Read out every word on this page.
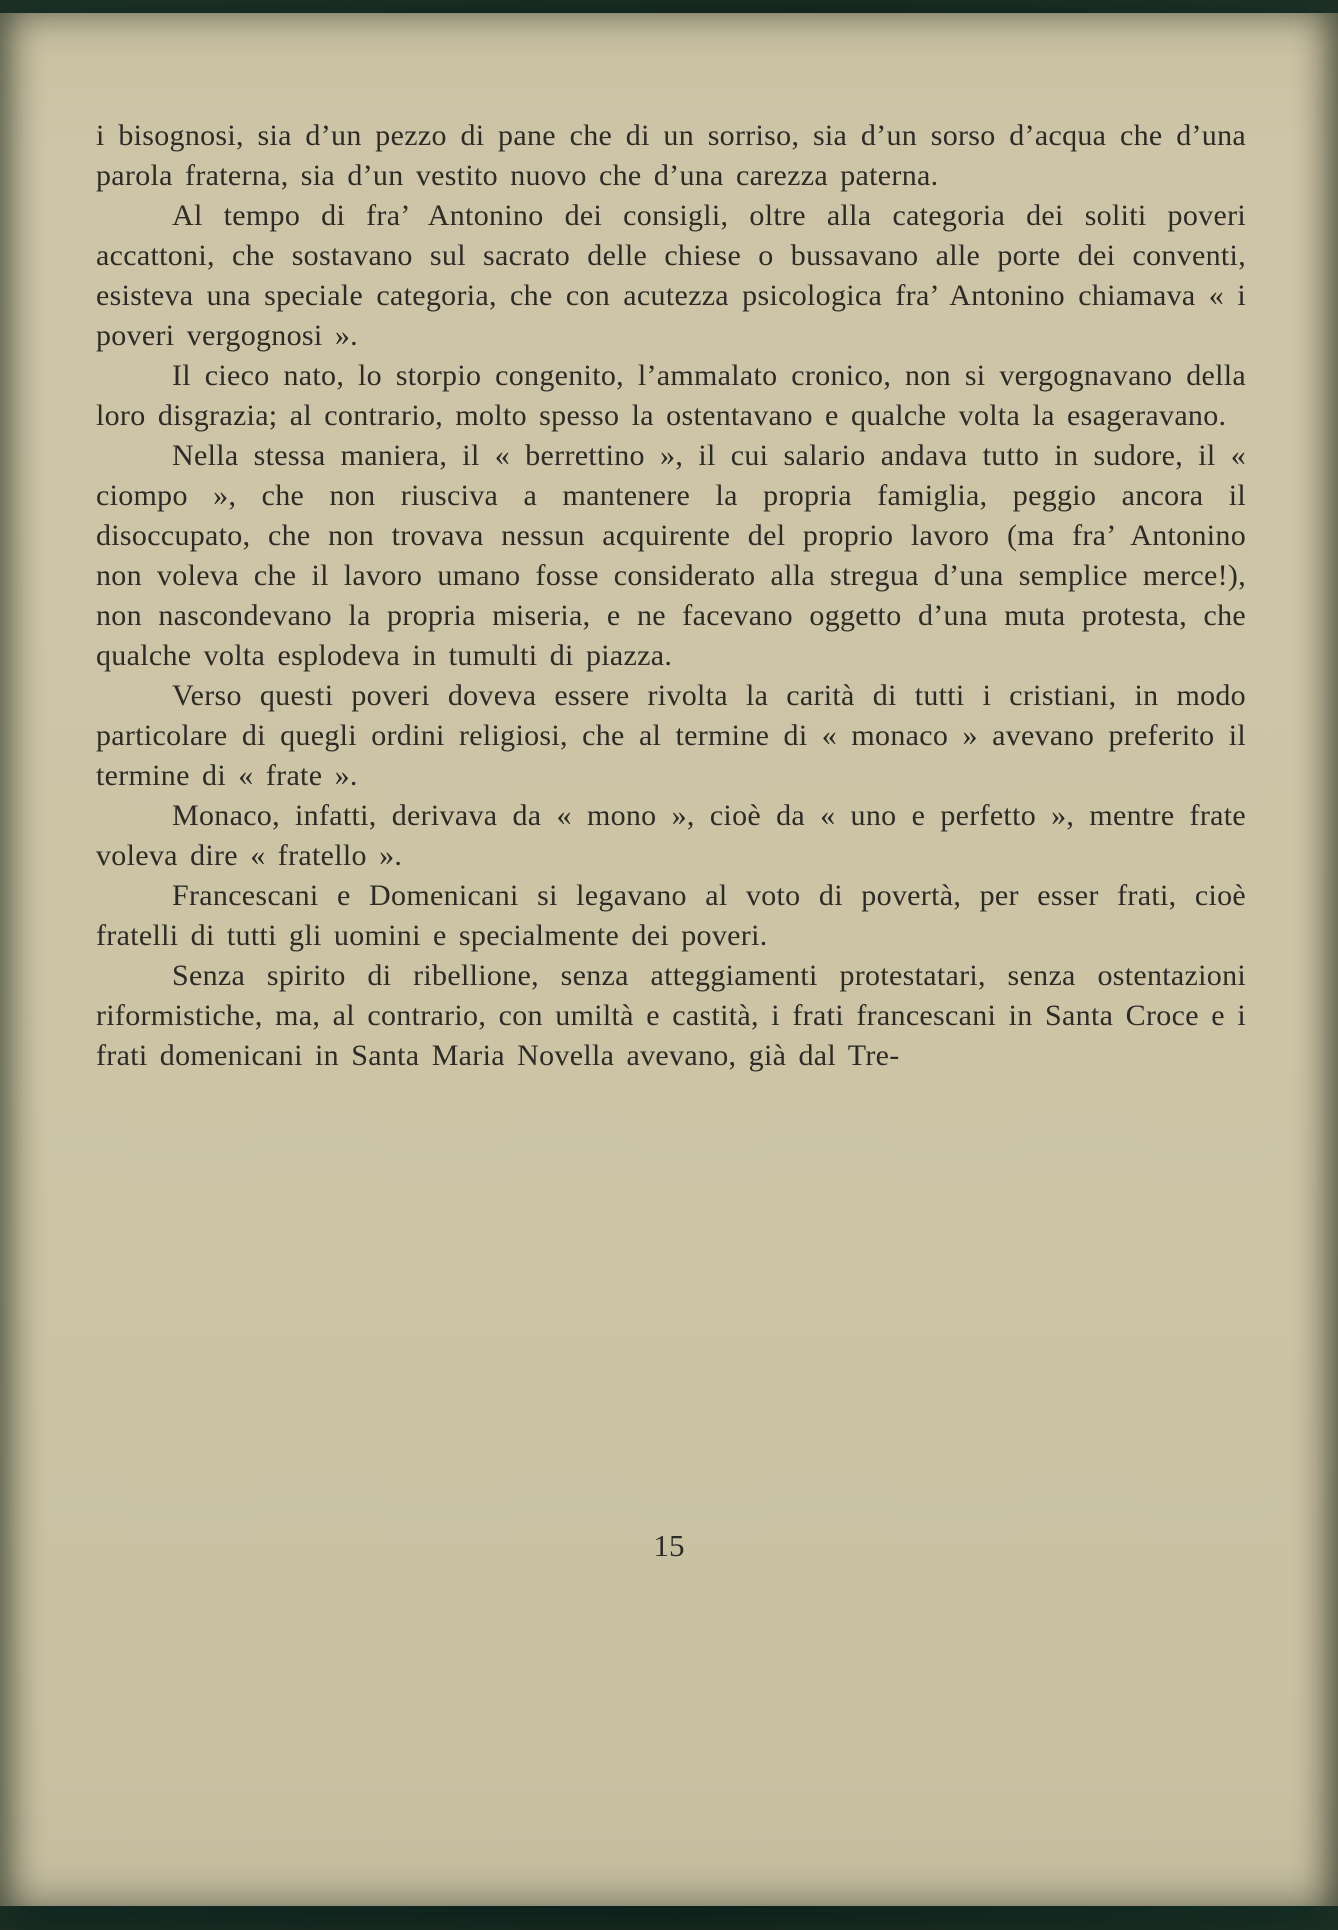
i bisognosi, sia d’un pezzo di pane che di un sorriso, sia d’un sorso d’acqua che d’una parola fraterna, sia d’un vestito nuovo che d’una carezza paterna.

Al tempo di fra’ Antonino dei consigli, oltre alla categoria dei soliti poveri accattoni, che sostavano sul sacrato delle chiese o bussavano alle porte dei conventi, esisteva una speciale categoria, che con acutezza psicologica fra’ Antonino chiamava « i poveri vergognosi ».

Il cieco nato, lo storpio congenito, l’ammalato cronico, non si vergognavano della loro disgrazia; al contrario, molto spesso la ostentavano e qualche volta la esageravano.

Nella stessa maniera, il « berrettino », il cui salario andava tutto in sudore, il « ciompo », che non riusciva a mantenere la propria famiglia, peggio ancora il disoccupato, che non trovava nessun acquirente del proprio lavoro (ma fra’ Antonino non voleva che il lavoro umano fosse considerato alla stregua d’una semplice merce!), non nascondevano la propria miseria, e ne facevano oggetto d’una muta protesta, che qualche volta esplodeva in tumulti di piazza.

Verso questi poveri doveva essere rivolta la carità di tutti i cristiani, in modo particolare di quegli ordini religiosi, che al termine di « monaco » avevano preferito il termine di « frate ».

Monaco, infatti, derivava da « mono », cioè da « uno e perfetto », mentre frate voleva dire « fratello ».

Francescani e Domenicani si legavano al voto di povertà, per esser frati, cioè fratelli di tutti gli uomini e specialmente dei poveri.

Senza spirito di ribellione, senza atteggiamenti protestatari, senza ostentazioni riformistiche, ma, al contrario, con umiltà e castità, i frati francescani in Santa Croce e i frati domenicani in Santa Maria Novella avevano, già dal Tre-

15
